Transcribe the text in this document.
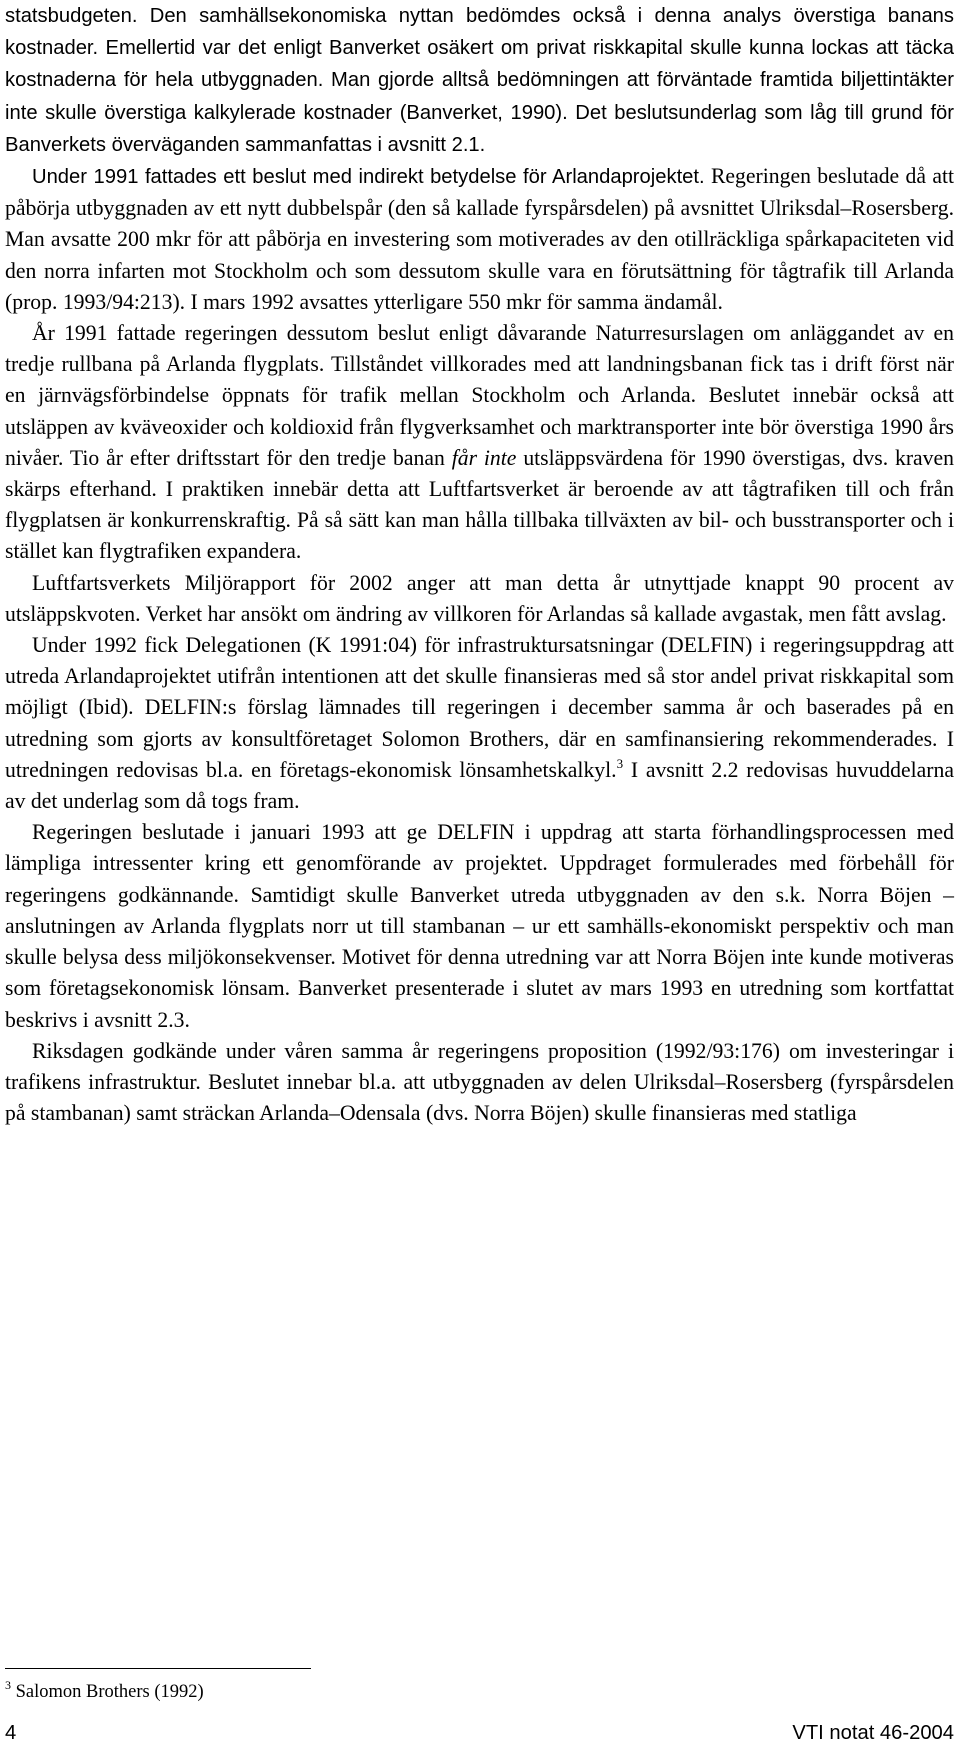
statsbudgeten. Den samhällsekonomiska nyttan bedömdes också i denna analys överstiga banans kostnader. Emellertid var det enligt Banverket osäkert om privat riskkapital skulle kunna lockas att täcka kostnaderna för hela utbyggnaden. Man gjorde alltså bedömningen att förväntade framtida biljettintäkter inte skulle överstiga kalkylerade kostnader (Banverket, 1990). Det beslutsunderlag som låg till grund för Banverkets överväganden sammanfattas i avsnitt 2.1.

Under 1991 fattades ett beslut med indirekt betydelse för Arlandaprojektet. Regeringen beslutade då att påbörja utbyggnaden av ett nytt dubbelspår (den så kallade fyrspårsdelen) på avsnittet Ulriksdal–Rosersberg. Man avsatte 200 mkr för att påbörja en investering som motiverades av den otillräckliga spårkapaciteten vid den norra infarten mot Stockholm och som dessutom skulle vara en förutsättning för tågtrafik till Arlanda (prop. 1993/94:213). I mars 1992 avsattes ytterligare 550 mkr för samma ändamål.

År 1991 fattade regeringen dessutom beslut enligt dåvarande Naturresurslagen om anläggandet av en tredje rullbana på Arlanda flygplats. Tillståndet villkorades med att landningsbanan fick tas i drift först när en järnvägsförbindelse öppnats för trafik mellan Stockholm och Arlanda. Beslutet innebär också att utsläppen av kväveoxider och koldioxid från flygverksamhet och marktransporter inte bör överstiga 1990 års nivåer. Tio år efter driftsstart för den tredje banan får inte utsläppsvärdena för 1990 överstigas, dvs. kraven skärps efterhand. I praktiken innebär detta att Luftfartsverket är beroende av att tågtrafiken till och från flygplatsen är konkurrenskraftig. På så sätt kan man hålla tillbaka tillväxten av bil- och busstransporter och i stället kan flygtrafiken expandera.

Luftfartsverkets Miljörapport för 2002 anger att man detta år utnyttjade knappt 90 procent av utsläppskvoten. Verket har ansökt om ändring av villkoren för Arlandas så kallade avgastak, men fått avslag.

Under 1992 fick Delegationen (K 1991:04) för infrastruktursatsningar (DELFIN) i regeringsuppdrag att utreda Arlandaprojektet utifrån intentionen att det skulle finansieras med så stor andel privat riskkapital som möjligt (Ibid). DELFIN:s förslag lämnades till regeringen i december samma år och baserades på en utredning som gjorts av konsultföretaget Solomon Brothers, där en samfinansiering rekommenderades. I utredningen redovisas bl.a. en företags-ekonomisk lönsamhetskalkyl.$^3$ I avsnitt 2.2 redovisas huvuddelarna av det underlag som då togs fram.

Regeringen beslutade i januari 1993 att ge DELFIN i uppdrag att starta förhandlingsprocessen med lämpliga intressenter kring ett genomförande av projektet. Uppdraget formulerades med förbehåll för regeringens godkännande. Samtidigt skulle Banverket utreda utbyggnaden av den s.k. Norra Böjen – anslutningen av Arlanda flygplats norr ut till stambanan – ur ett samhälls-ekonomiskt perspektiv och man skulle belysa dess miljökonsekvenser. Motivet för denna utredning var att Norra Böjen inte kunde motiveras som företagsekonomisk lönsam. Banverket presenterade i slutet av mars 1993 en utredning som kortfattat beskrivs i avsnitt 2.3.

Riksdagen godkände under våren samma år regeringens proposition (1992/93:176) om investeringar i trafikens infrastruktur. Beslutet innebar bl.a. att utbyggnaden av delen Ulriksdal–Rosersberg (fyrspårsdelen på stambanan) samt sträckan Arlanda–Odensala (dvs. Norra Böjen) skulle finansieras med statliga

$^3$ Salomon Brothers (1992)
4	VTI notat 46-2004
